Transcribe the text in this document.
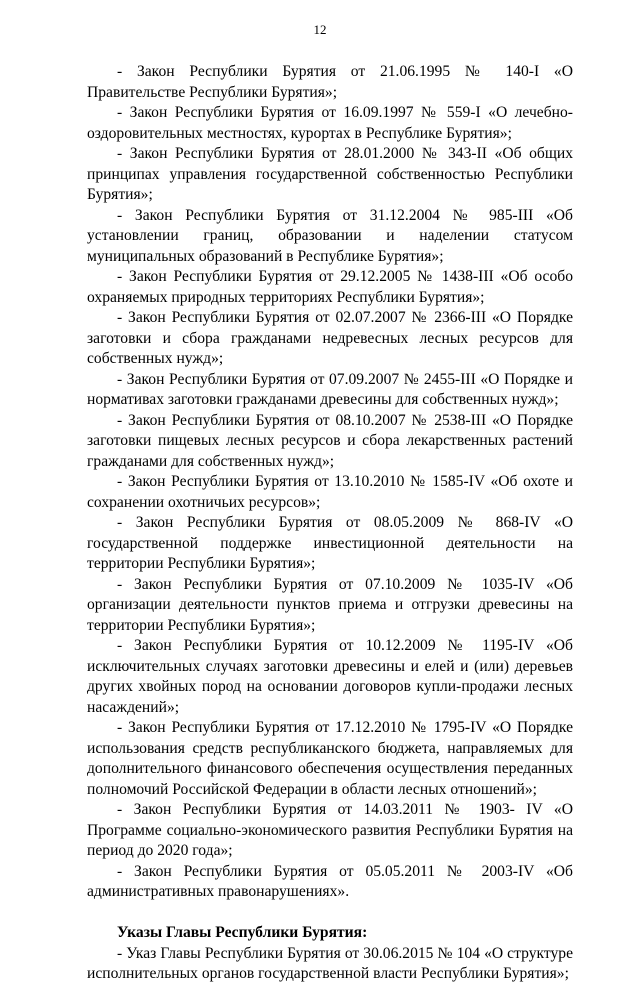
12

- Закон Республики Бурятия от 21.06.1995 № 140-I «О Правительстве Республики Бурятия»;

- Закон Республики Бурятия от 16.09.1997 № 559-I «О лечебно-оздоровительных местностях, курортах в Республике Бурятия»;

- Закон Республики Бурятия от 28.01.2000 № 343-II «Об общих принципах управления государственной собственностью Республики Бурятия»;

- Закон Республики Бурятия от 31.12.2004 № 985-III «Об установлении границ, образовании и наделении статусом муниципальных образований в Республике Бурятия»;

- Закон Республики Бурятия от 29.12.2005 № 1438-III «Об особо охраняемых природных территориях Республики Бурятия»;

- Закон Республики Бурятия от 02.07.2007 № 2366-III «О Порядке заготовки и сбора гражданами недревесных лесных ресурсов для собственных нужд»;

- Закон Республики Бурятия от 07.09.2007 № 2455-III «О Порядке и нормативах заготовки гражданами древесины для собственных нужд»;

- Закон Республики Бурятия от 08.10.2007 № 2538-III «О Порядке заготовки пищевых лесных ресурсов и сбора лекарственных растений гражданами для собственных нужд»;

- Закон Республики Бурятия от 13.10.2010 № 1585-IV «Об охоте и сохранении охотничьих ресурсов»;

- Закон Республики Бурятия от 08.05.2009 № 868-IV «О государственной поддержке инвестиционной деятельности на территории Республики Бурятия»;

- Закон Республики Бурятия от 07.10.2009 № 1035-IV «Об организации деятельности пунктов приема и отгрузки древесины на территории Республики Бурятия»;

- Закон Республики Бурятия от 10.12.2009 № 1195-IV «Об исключительных случаях заготовки древесины и елей и (или) деревьев других хвойных пород на основании договоров купли-продажи лесных насаждений»;

- Закон Республики Бурятия от 17.12.2010 № 1795-IV «О Порядке использования средств республиканского бюджета, направляемых для дополнительного финансового обеспечения осуществления переданных полномочий Российской Федерации в области лесных отношений»;

- Закон Республики Бурятия от 14.03.2011 № 1903- IV «О Программе социально-экономического развития Республики Бурятия на период до 2020 года»;

- Закон Республики Бурятия от 05.05.2011 № 2003-IV «Об административных правонарушениях».

Указы Главы Республики Бурятия:

- Указ Главы Республики Бурятия от 30.06.2015 № 104 «О структуре исполнительных органов государственной власти Республики Бурятия»;
